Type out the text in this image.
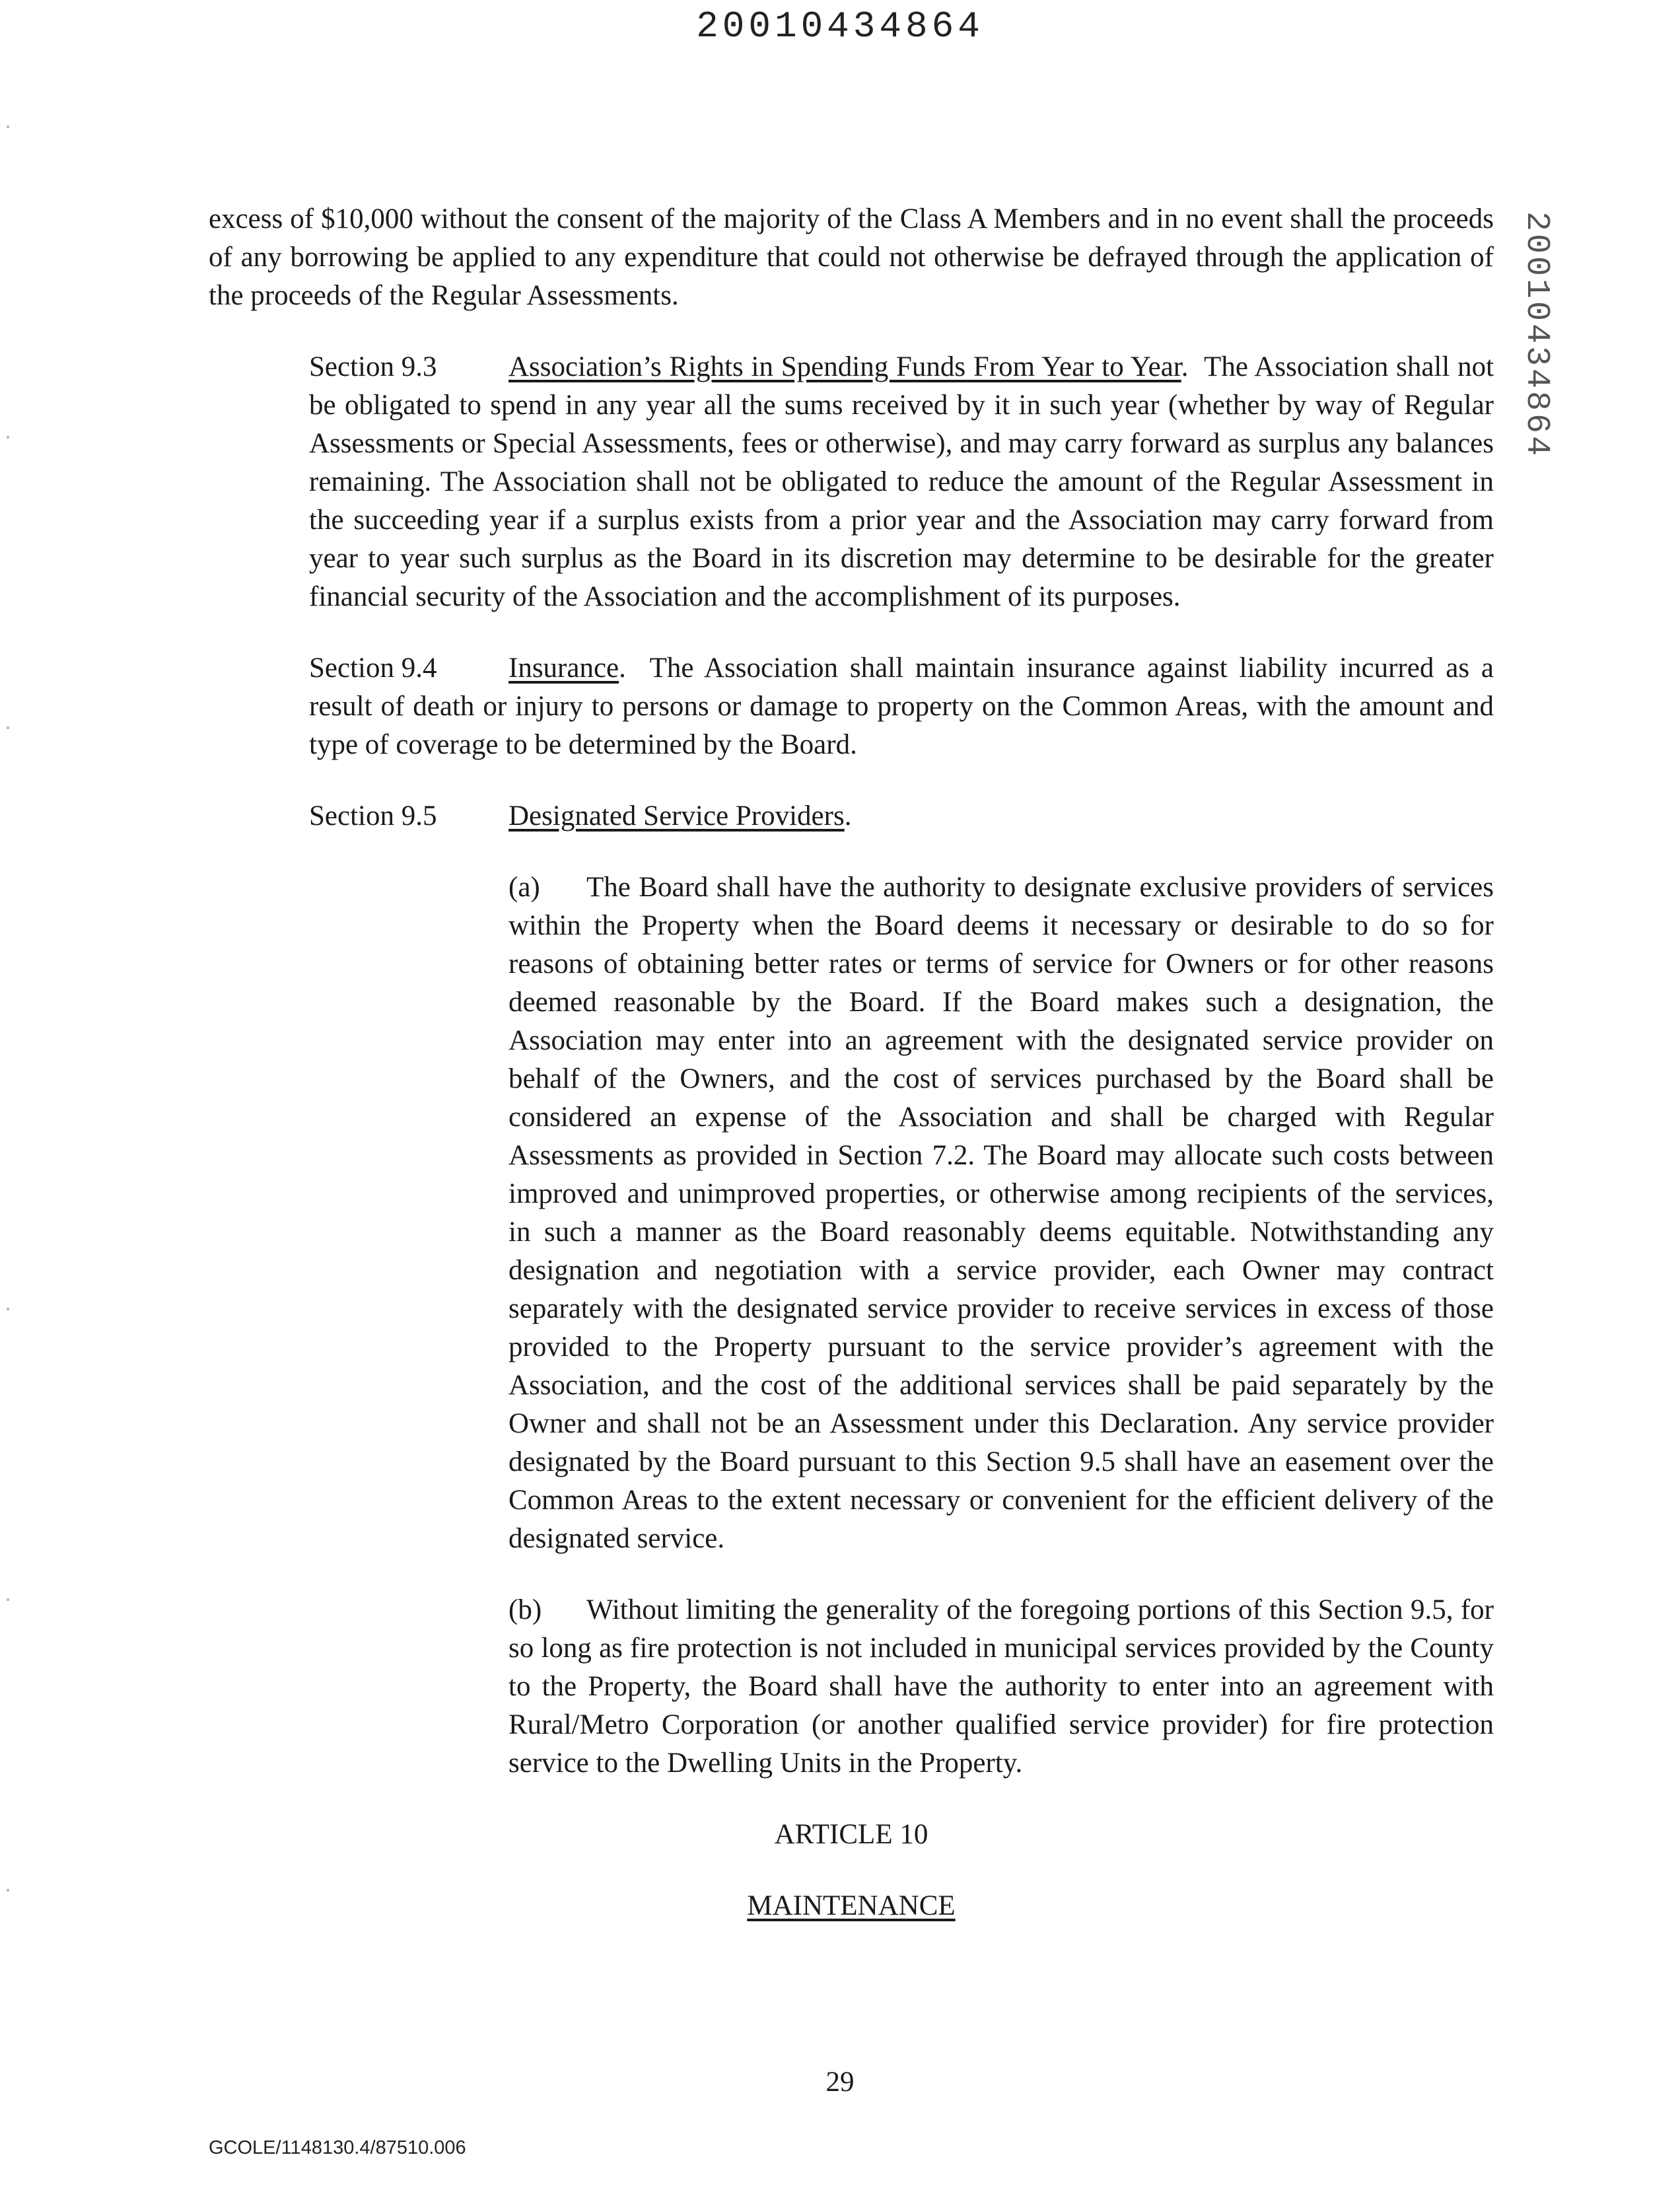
20010434864
20010434864

excess of $10,000 without the consent of the majority of the Class A Members and in no event shall the proceeds of any borrowing be applied to any expenditure that could not otherwise be defrayed through the application of the proceeds of the Regular Assessments.

Section 9.3	Association’s Rights in Spending Funds From Year to Year.  The Association shall not be obligated to spend in any year all the sums received by it in such year (whether by way of Regular Assessments or Special Assessments, fees or otherwise), and may carry forward as surplus any balances remaining. The Association shall not be obligated to reduce the amount of the Regular Assessment in the succeeding year if a surplus exists from a prior year and the Association may carry forward from year to year such surplus as the Board in its discretion may determine to be desirable for the greater financial security of the Association and the accomplishment of its purposes.

Section 9.4	Insurance.  The Association shall maintain insurance against liability incurred as a result of death or injury to persons or damage to property on the Common Areas, with the amount and type of coverage to be determined by the Board.

Section 9.5	Designated Service Providers.

(a) The Board shall have the authority to designate exclusive providers of services within the Property when the Board deems it necessary or desirable to do so for reasons of obtaining better rates or terms of service for Owners or for other reasons deemed reasonable by the Board. If the Board makes such a designation, the Association may enter into an agreement with the designated service provider on behalf of the Owners, and the cost of services purchased by the Board shall be considered an expense of the Association and shall be charged with Regular Assessments as provided in Section 7.2. The Board may allocate such costs between improved and unimproved properties, or otherwise among recipients of the services, in such a manner as the Board reasonably deems equitable. Notwithstanding any designation and negotiation with a service provider, each Owner may contract separately with the designated service provider to receive services in excess of those provided to the Property pursuant to the service provider’s agreement with the Association, and the cost of the additional services shall be paid separately by the Owner and shall not be an Assessment under this Declaration. Any service provider designated by the Board pursuant to this Section 9.5 shall have an easement over the Common Areas to the extent necessary or convenient for the efficient delivery of the designated service.

(b) Without limiting the generality of the foregoing portions of this Section 9.5, for so long as fire protection is not included in municipal services provided by the County to the Property, the Board shall have the authority to enter into an agreement with Rural/Metro Corporation (or another qualified service provider) for fire protection service to the Dwelling Units in the Property.

ARTICLE 10

MAINTENANCE

29
GCOLE/1148130.4/87510.006
